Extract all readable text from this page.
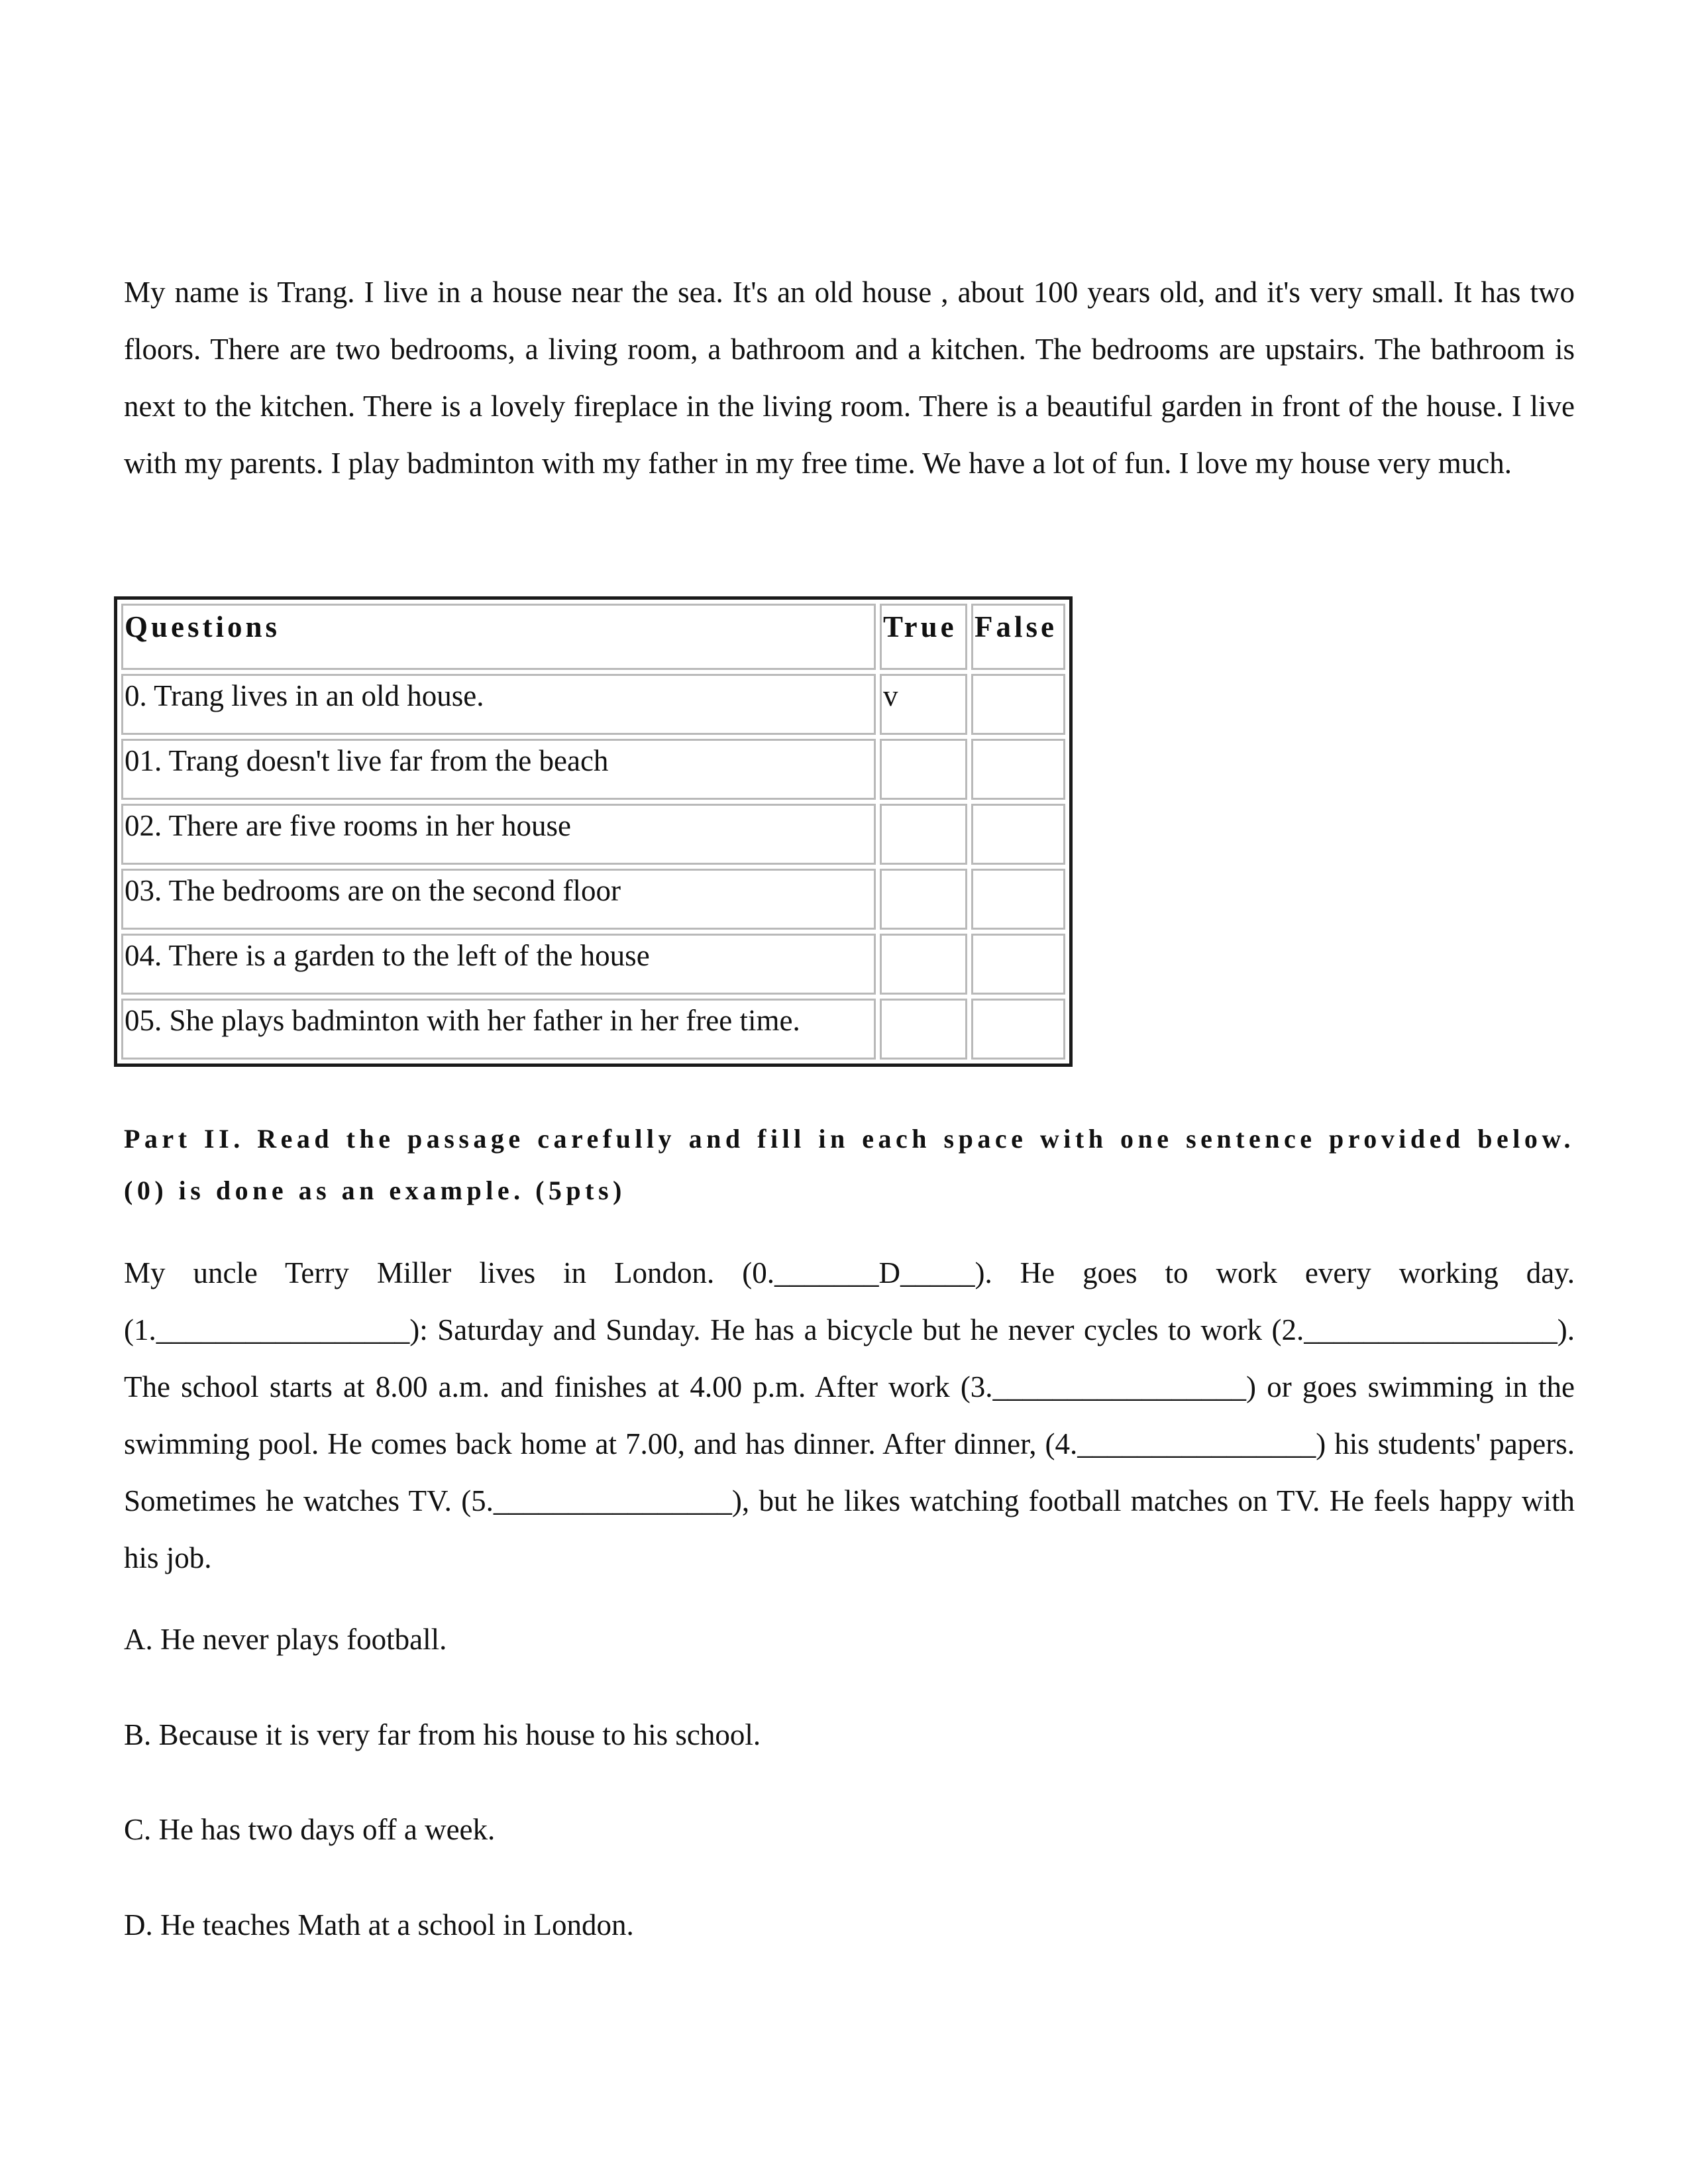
My name is Trang. I live in a house near the sea. It's an old house , about 100 years old, and it's very small. It has two floors. There are two bedrooms, a living room, a bathroom and a kitchen. The bedrooms are upstairs. The bathroom is next to the kitchen. There is a lovely fireplace in the living room. There is a beautiful garden in front of the house. I live with my parents. I play badminton with my father in my free time. We have a lot of fun. I love my house very much.

Questions	True	False
0. Trang lives in an old house.	v	
01. Trang doesn't live far from the beach		
02. There are five rooms in her house		
03. The bedrooms are on the second floor		
04. There is a garden to the left of the house		
05. She plays badminton with her father in her free time.		

Part II. Read the passage carefully and fill in each space with one sentence provided below. (0) is done as an example. (5pts)

My uncle Terry Miller lives in London. (0._______D_____). He goes to work every working day. (1._________________): Saturday and Sunday. He has a bicycle but he never cycles to work (2._________________). The school starts at 8.00 a.m. and finishes at 4.00 p.m. After work (3._________________) or goes swimming in the swimming pool. He comes back home at 7.00, and has dinner. After dinner, (4.________________) his students' papers. Sometimes he watches TV. (5.________________), but he likes watching football matches on TV. He feels happy with his job.

A. He never plays football.

B. Because it is very far from his house to his school.

C. He has two days off a week.

D. He teaches Math at a school in London.
